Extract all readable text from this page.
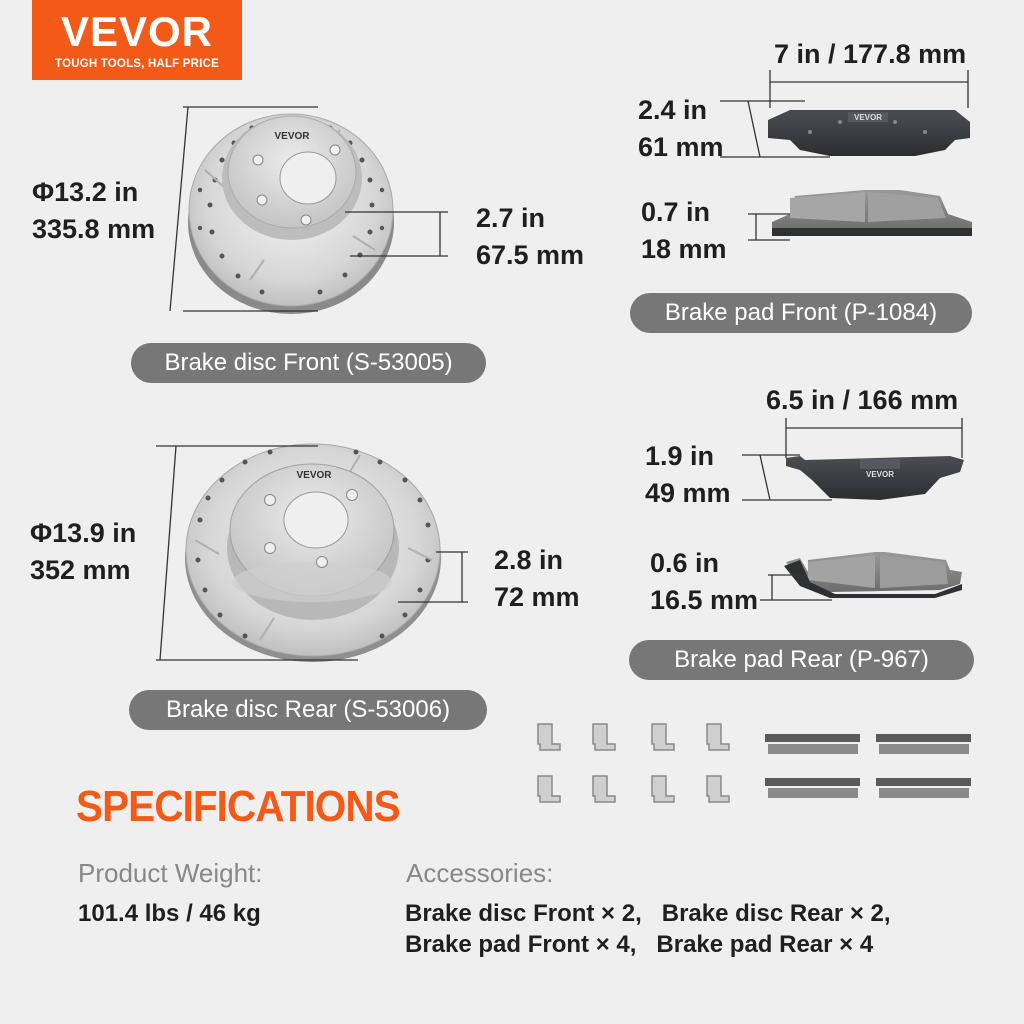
VEVOR
TOUGH TOOLS, HALF PRICE
VEVOR
VEVOR
VEVOR
VEVOR
Φ13.2 in
335.8 mm	2.7 in
67.5 mm
Brake disc Front (S-53005)
Φ13.9 in
352 mm	2.8 in
72 mm
Brake disc Rear (S-53006)
7 in / 177.8 mm
2.4 in
61 mm
0.7 in
18 mm
Brake pad Front (P-1084)
6.5 in / 166 mm
1.9 in
49 mm
0.6 in
16.5 mm
Brake pad Rear (P-967)
SPECIFICATIONS
Product Weight:
101.4 lbs / 46 kg
Accessories:
Brake disc Front × 2,   Brake disc Rear × 2,
Brake pad Front × 4,   Brake pad Rear × 4
